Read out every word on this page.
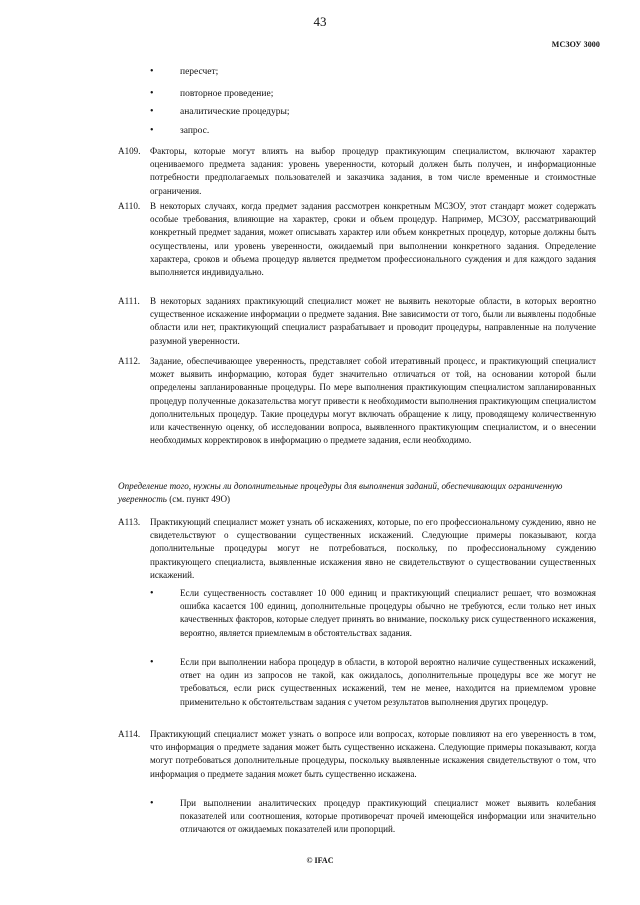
43
МСЗОУ 3000
•	пересчет;
•	повторное проведение;
•	аналитические процедуры;
•	запрос.
A109. Факторы, которые могут влиять на выбор процедур практикующим специалистом, включают характер оцениваемого предмета задания: уровень уверенности, который должен быть получен, и информационные потребности предполагаемых пользователей и заказчика задания, в том числе временные и стоимостные ограничения.
A110. В некоторых случаях, когда предмет задания рассмотрен конкретным МСЗОУ, этот стандарт может содержать особые требования, влияющие на характер, сроки и объем процедур. Например, МСЗОУ, рассматривающий конкретный предмет задания, может описывать характер или объем конкретных процедур, которые должны быть осуществлены, или уровень уверенности, ожидаемый при выполнении конкретного задания. Определение характера, сроков и объема процедур является предметом профессионального суждения и для каждого задания выполняется индивидуально.
A111. В некоторых заданиях практикующий специалист может не выявить некоторые области, в которых вероятно существенное искажение информации о предмете задания. Вне зависимости от того, были ли выявлены подобные области или нет, практикующий специалист разрабатывает и проводит процедуры, направленные на получение разумной уверенности.
A112. Задание, обеспечивающее уверенность, представляет собой итеративный процесс, и практикующий специалист может выявить информацию, которая будет значительно отличаться от той, на основании которой были определены запланированные процедуры. По мере выполнения практикующим специалистом запланированных процедур полученные доказательства могут привести к необходимости выполнения практикующим специалистом дополнительных процедур. Такие процедуры могут включать обращение к лицу, проводящему количественную или качественную оценку, об исследовании вопроса, выявленного практикующим специалистом, и о внесении необходимых корректировок в информацию о предмете задания, если необходимо.
Определение того, нужны ли дополнительные процедуры для выполнения заданий, обеспечивающих ограниченную уверенность (см. пункт 49О)
A113. Практикующий специалист может узнать об искажениях, которые, по его профессиональному суждению, явно не свидетельствуют о существовании существенных искажений. Следующие примеры показывают, когда дополнительные процедуры могут не потребоваться, поскольку, по профессиональному суждению практикующего специалиста, выявленные искажения явно не свидетельствуют о существовании существенных искажений.
•	Если существенность составляет 10 000 единиц и практикующий специалист решает, что возможная ошибка касается 100 единиц, дополнительные процедуры обычно не требуются, если только нет иных качественных факторов, которые следует принять во внимание, поскольку риск существенного искажения, вероятно, является приемлемым в обстоятельствах задания.
•	Если при выполнении набора процедур в области, в которой вероятно наличие существенных искажений, ответ на один из запросов не такой, как ожидалось, дополнительные процедуры все же могут не требоваться, если риск существенных искажений, тем не менее, находится на приемлемом уровне применительно к обстоятельствам задания с учетом результатов выполнения других процедур.
A114. Практикующий специалист может узнать о вопросе или вопросах, которые повлияют на его уверенность в том, что информация о предмете задания может быть существенно искажена. Следующие примеры показывают, когда могут потребоваться дополнительные процедуры, поскольку выявленные искажения свидетельствуют о том, что информация о предмете задания может быть существенно искажена.
•	При выполнении аналитических процедур практикующий специалист может выявить колебания показателей или соотношения, которые противоречат прочей имеющейся информации или значительно отличаются от ожидаемых показателей или пропорций.
© IFAC
